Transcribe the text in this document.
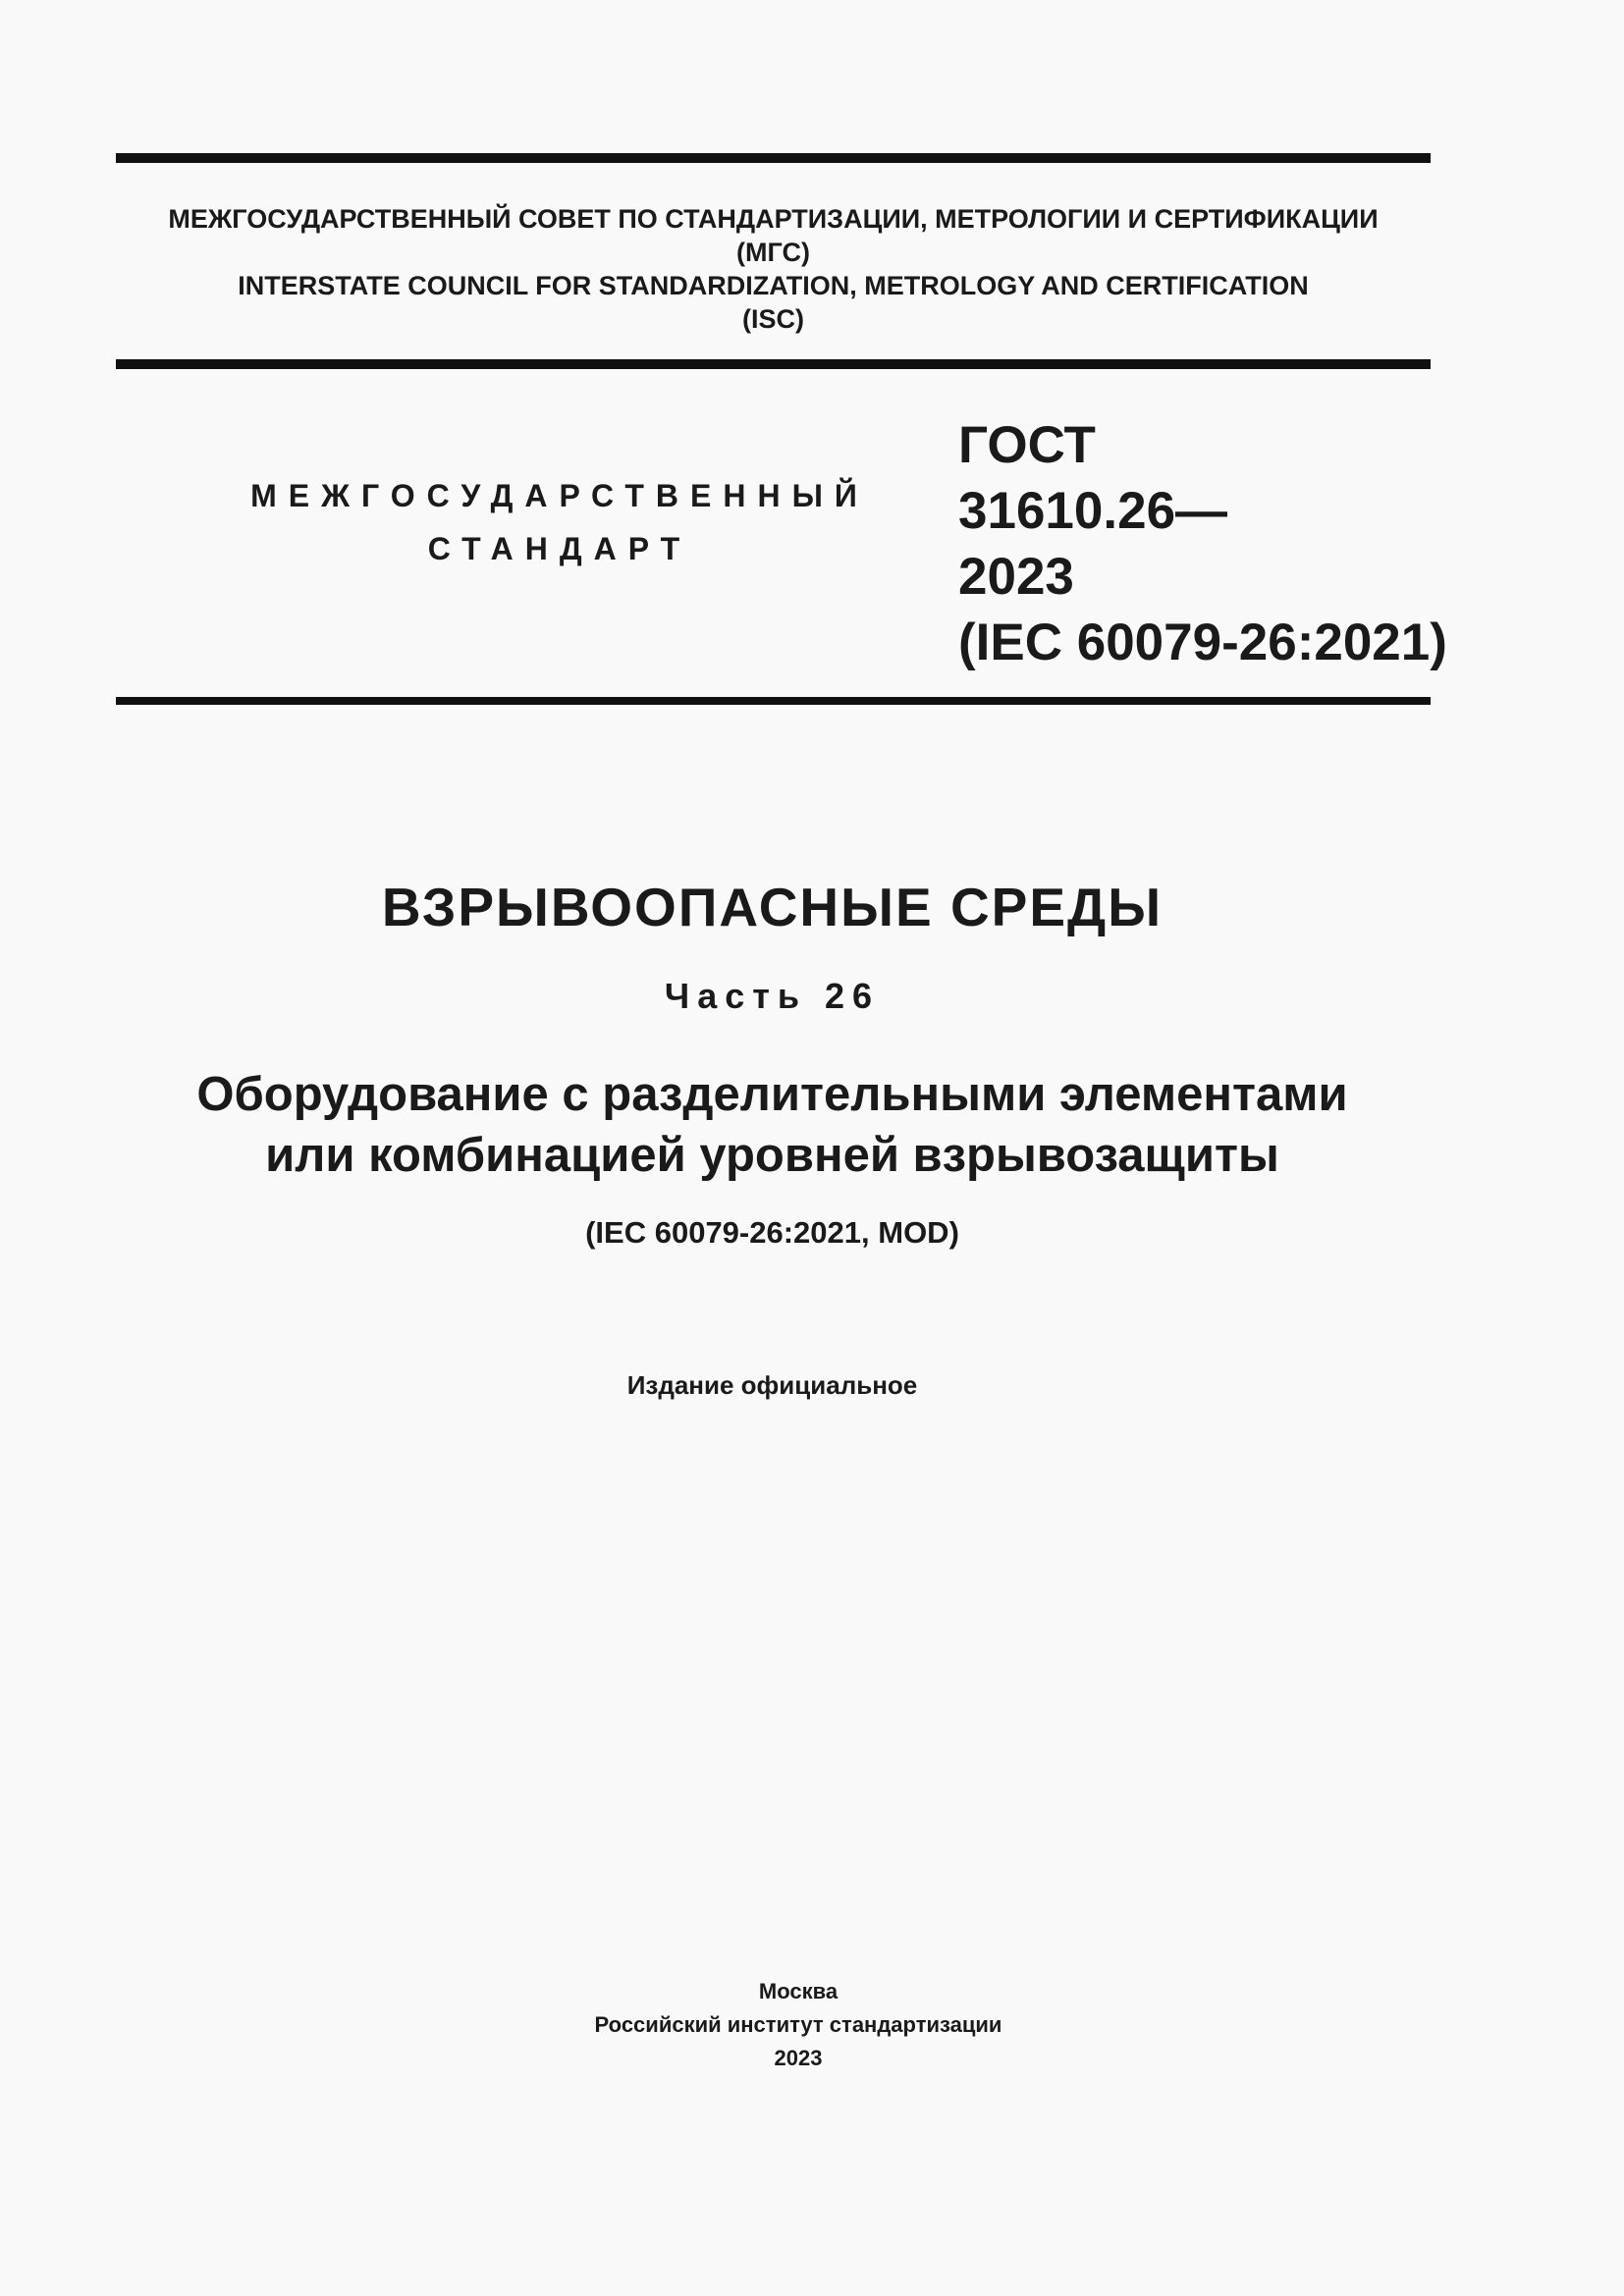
МЕЖГОСУДАРСТВЕННЫЙ СОВЕТ ПО СТАНДАРТИЗАЦИИ, МЕТРОЛОГИИ И СЕРТИФИКАЦИИ
(МГС)
INTERSTATE COUNCIL FOR STANDARDIZATION, METROLOGY AND CERTIFICATION
(ISC)
МЕЖГОСУДАРСТВЕННЫЙ
СТАНДАРТ
ГОСТ
31610.26—
2023
(IEC 60079-26:2021)
ВЗРЫВООПАСНЫЕ СРЕДЫ
Часть 26
Оборудование с разделительными элементами
или комбинацией уровней взрывозащиты
(IEC 60079-26:2021, MOD)
Издание официальное
Москва
Российский институт стандартизации
2023
